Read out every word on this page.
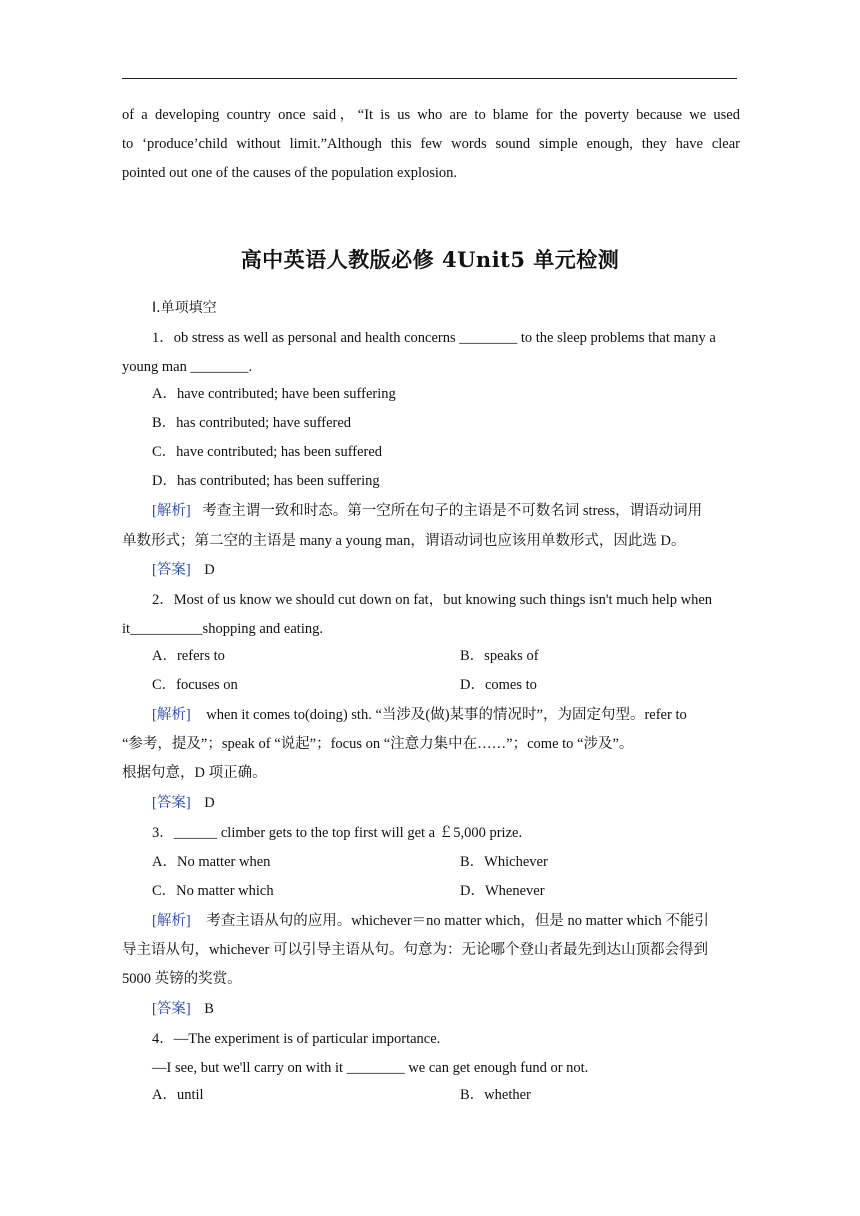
of a developing country once said，“It is us who are to blame for the poverty because we used
to ‘produce’child without limit.”Although this few words sound simple enough, they have clear
pointed out one of the causes of the population explosion.
高中英语人教版必修 4Unit5 单元检测
Ⅰ.单项填空
1．ob stress as well as personal and health concerns ________ to the sleep problems that many a
young man ________.
A．have contributed; have been suffering
B．has contributed; have suffered
C．have contributed; has been suffered
D．has contributed; has been suffering
[解析] 考查主谓一致和时态。第一空所在句子的主语是不可数名词 stress，谓语动词用
单数形式；第二空的主语是 many a young man，谓语动词也应该用单数形式，因此选 D。
[答案] D
2．Most of us know we should cut down on fat，but knowing such things isn't much help when
it__________shopping and eating.
A．refers to	B．speaks of
C．focuses on	D．comes to
[解析] when it comes to(doing) sth. “当涉及(做)某事的情况时”，为固定句型。refer to
“参考，提及”；speak of “说起”；focus on “注意力集中在……”；come to “涉及”。
根据句意，D 项正确。
[答案] D
3．______ climber gets to the top first will get a ￡5,000 prize.
A．No matter when	B．Whichever
C．No matter which	D．Whenever
[解析] 考查主语从句的应用。whichever＝no matter which，但是 no matter which 不能引
导主语从句，whichever 可以引导主语从句。句意为：无论哪个登山者最先到达山顶都会得到
5000 英镑的奖赏。
[答案] B
4．—The experiment is of particular importance.
—I see, but we'll carry on with it ________ we can get enough fund or not.
A．until	B．whether
